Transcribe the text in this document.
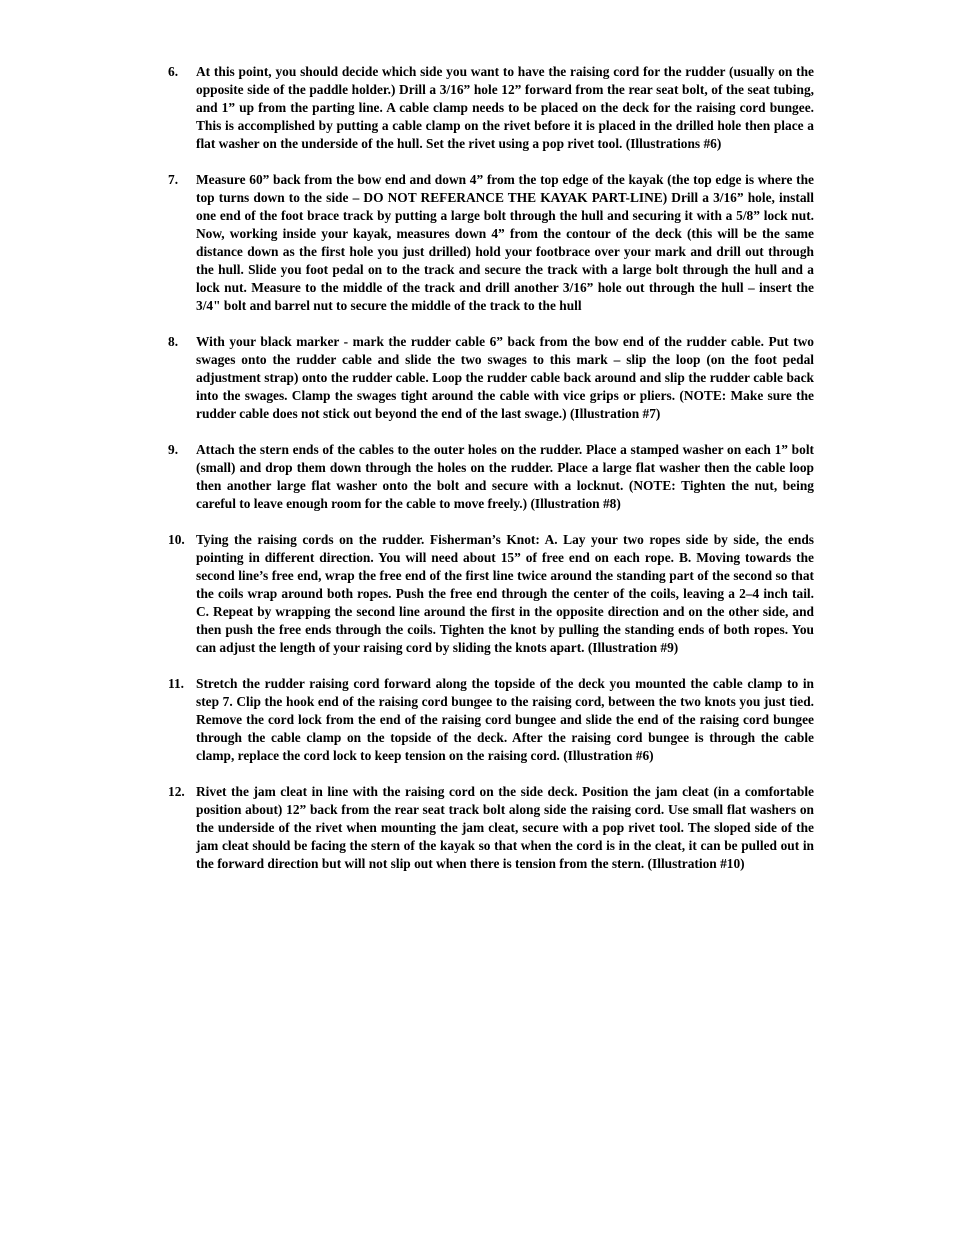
6.	At this point, you should decide which side you want to have the raising cord for the rudder (usually on the opposite side of the paddle holder.) Drill a 3/16” hole 12” forward from the rear seat bolt, of the seat tubing, and 1” up from the parting line. A cable clamp needs to be placed on the deck for the raising cord bungee. This is accomplished by putting a cable clamp on the rivet before it is placed in the drilled hole then place a flat washer on the underside of the hull. Set the rivet using a pop rivet tool. (Illustrations #6)
7.	Measure 60” back from the bow end and down 4” from the top edge of the kayak (the top edge is where the top turns down to the side – DO NOT REFERANCE THE KAYAK PART-LINE) Drill a 3/16” hole, install one end of the foot brace track by putting a large bolt through the hull and securing it with a 5/8” lock nut. Now, working inside your kayak, measures down 4” from the contour of the deck (this will be the same distance down as the first hole you just drilled) hold your footbrace over your mark and drill out through the hull. Slide you foot pedal on to the track and secure the track with a large bolt through the hull and a lock nut. Measure to the middle of the track and drill another 3/16” hole out through the hull – insert the 3/4" bolt and barrel nut to secure the middle of the track to the hull
8.	With your black marker - mark the rudder cable 6” back from the bow end of the rudder cable. Put two swages onto the rudder cable and slide the two swages to this mark – slip the loop (on the foot pedal adjustment strap) onto the rudder cable. Loop the rudder cable back around and slip the rudder cable back into the swages. Clamp the swages tight around the cable with vice grips or pliers. (NOTE: Make sure the rudder cable does not stick out beyond the end of the last swage.) (Illustration #7)
9.	Attach the stern ends of the cables to the outer holes on the rudder. Place a stamped washer on each 1” bolt (small) and drop them down through the holes on the rudder. Place a large flat washer then the cable loop then another large flat washer onto the bolt and secure with a locknut. (NOTE: Tighten the nut, being careful to leave enough room for the cable to move freely.) (Illustration #8)
10. Tying the raising cords on the rudder. Fisherman’s Knot: A. Lay your two ropes side by side, the ends pointing in different direction. You will need about 15” of free end on each rope. B. Moving towards the second line’s free end, wrap the free end of the first line twice around the standing part of the second so that the coils wrap around both ropes. Push the free end through the center of the coils, leaving a 2–4 inch tail. C. Repeat by wrapping the second line around the first in the opposite direction and on the other side, and then push the free ends through the coils. Tighten the knot by pulling the standing ends of both ropes. You can adjust the length of your raising cord by sliding the knots apart. (Illustration #9)
11. Stretch the rudder raising cord forward along the topside of the deck you mounted the cable clamp to in step 7. Clip the hook end of the raising cord bungee to the raising cord, between the two knots you just tied. Remove the cord lock from the end of the raising cord bungee and slide the end of the raising cord bungee through the cable clamp on the topside of the deck. After the raising cord bungee is through the cable clamp, replace the cord lock to keep tension on the raising cord. (Illustration #6)
12. Rivet the jam cleat in line with the raising cord on the side deck. Position the jam cleat (in a comfortable position about) 12” back from the rear seat track bolt along side the raising cord. Use small flat washers on the underside of the rivet when mounting the jam cleat, secure with a pop rivet tool. The sloped side of the jam cleat should be facing the stern of the kayak so that when the cord is in the cleat, it can be pulled out in the forward direction but will not slip out when there is tension from the stern. (Illustration #10)
